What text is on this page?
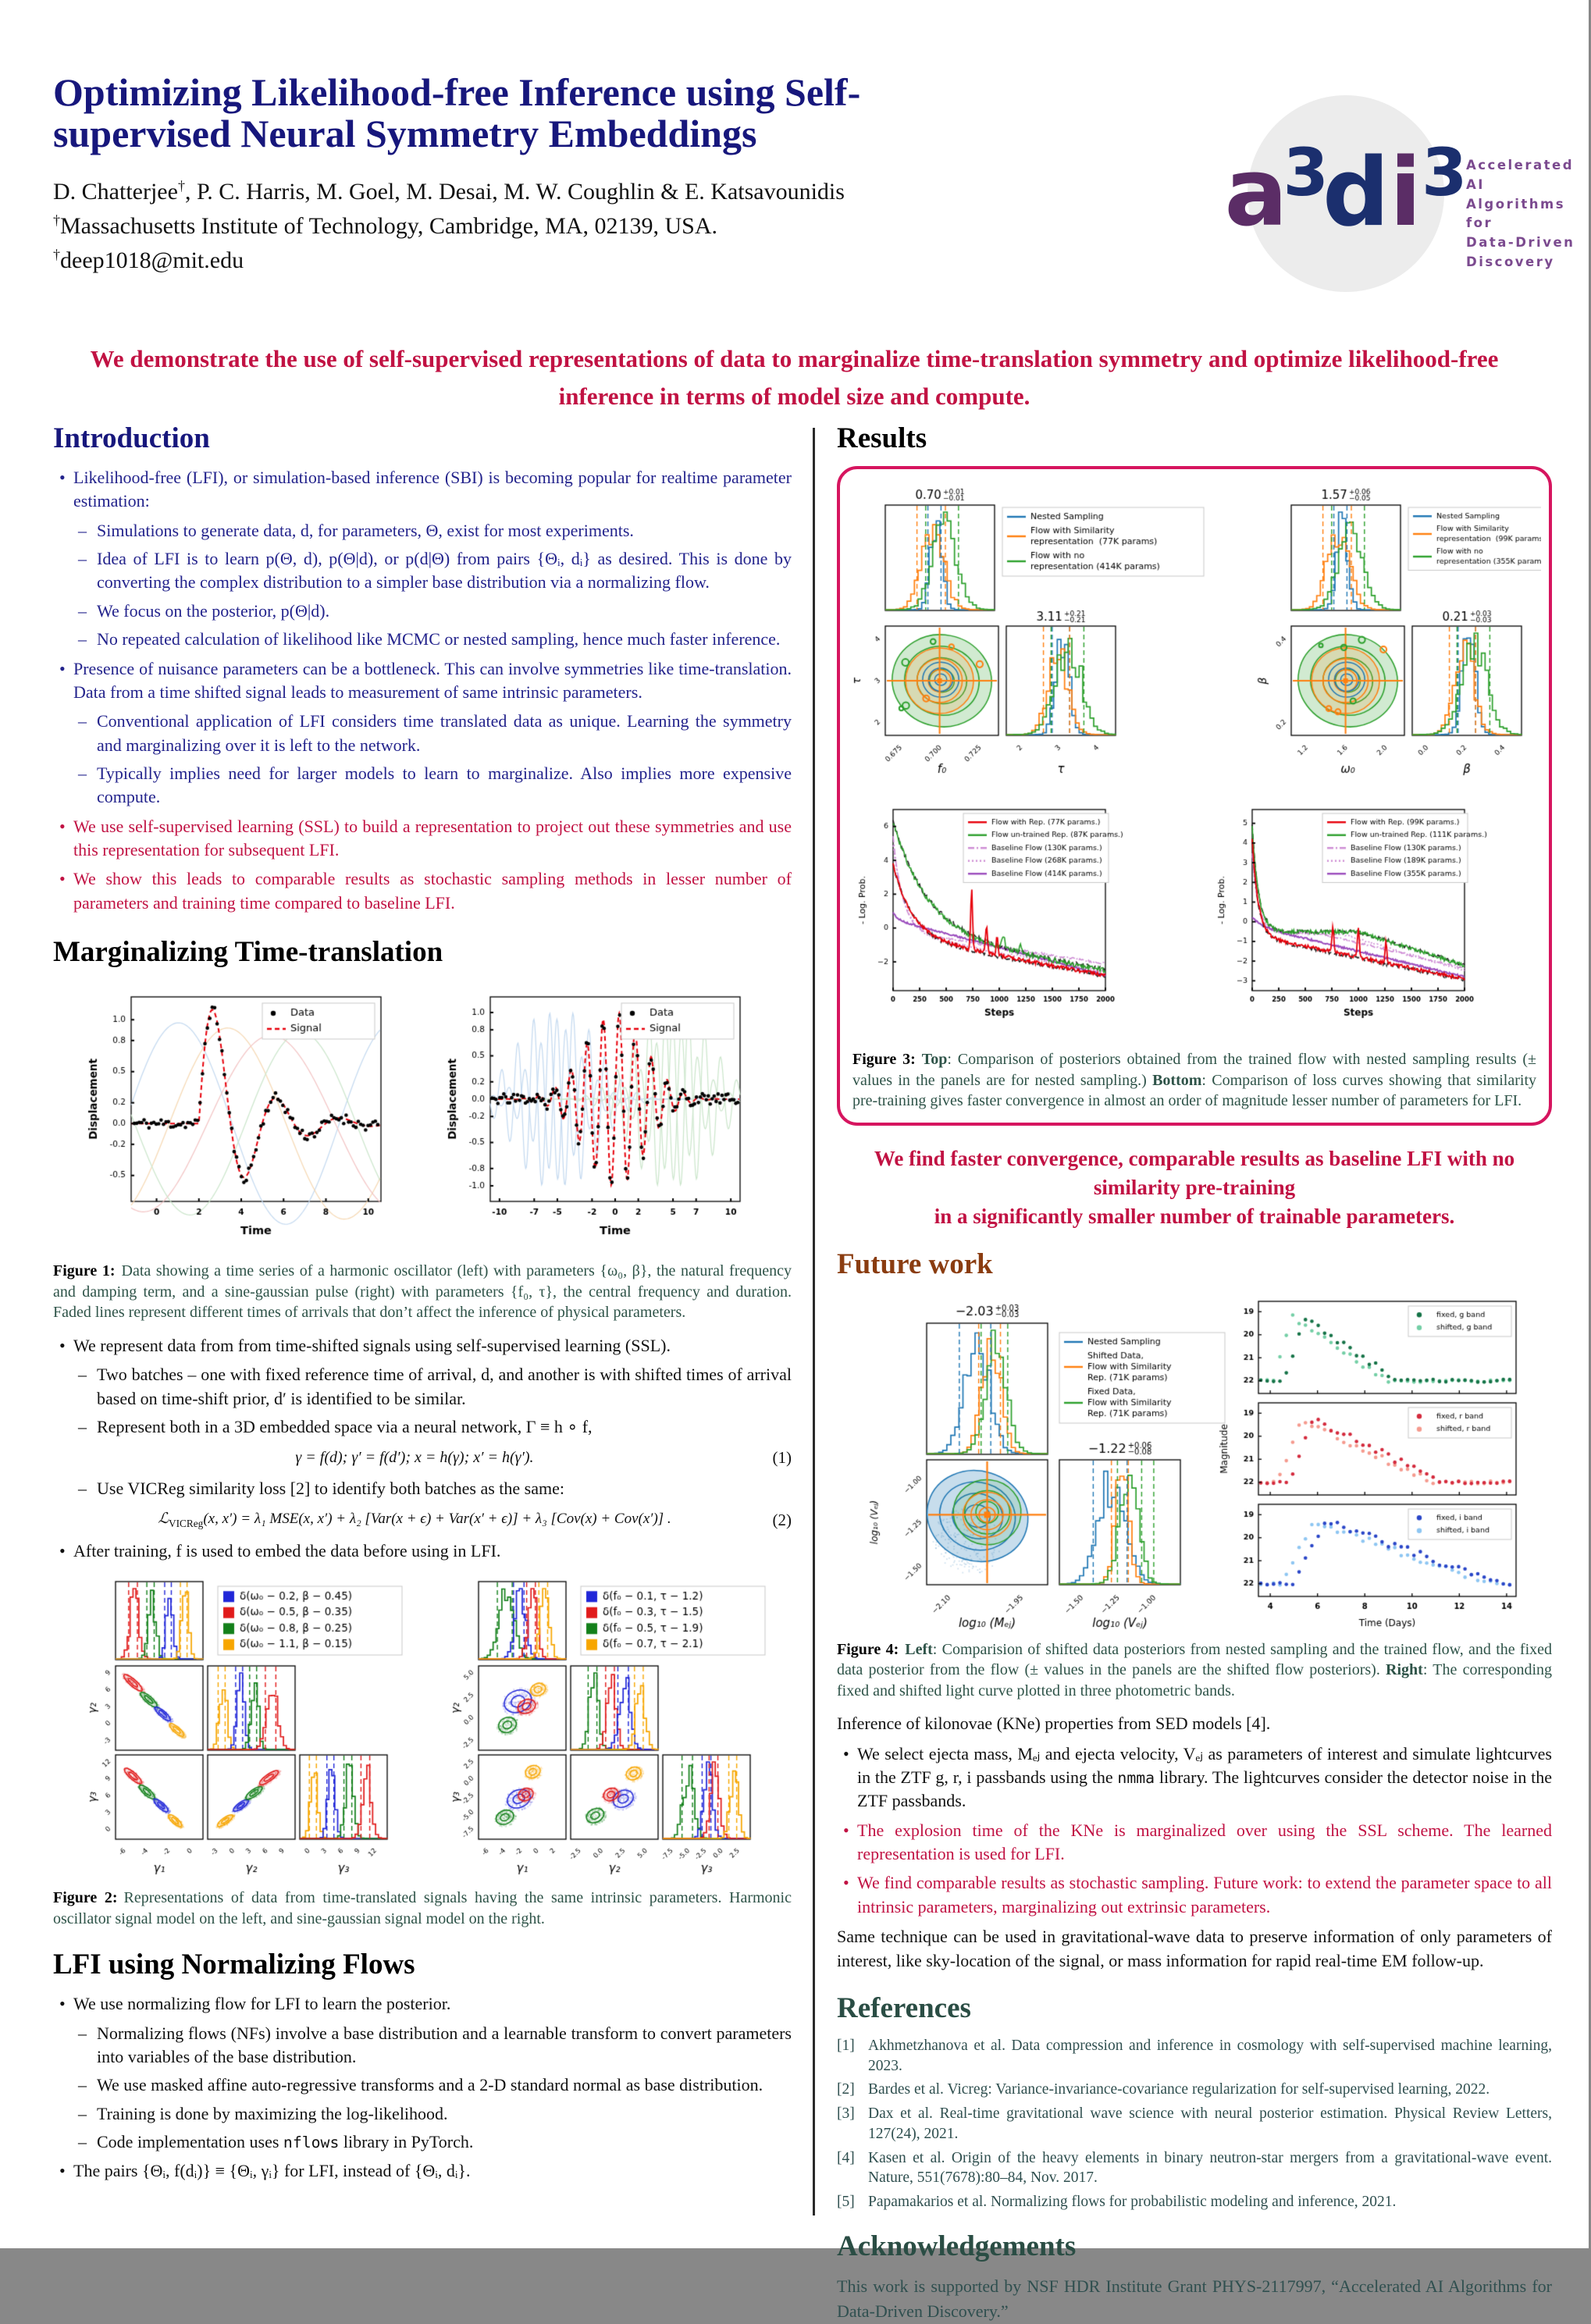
Optimizing Likelihood-free Inference using Self-
supervised Neural Symmetry Embeddings
D. Chatterjee†, P. C. Harris, M. Goel, M. Desai, M. W. Coughlin & E. Katsavounidis
†Massachusetts Institute of Technology, Cambridge, MA, 02139, USA.
†deep1018@mit.edu
a3di3
Accelerated AI
Algorithms for
Data-Driven
Discovery
We demonstrate the use of self-supervised representations of data to marginalize time-translation symmetry and optimize likelihood-free
inference in terms of model size and compute.
Introduction
• Likelihood-free (LFI), or simulation-based inference (SBI) is becoming popular for realtime parameter estimation:
– Simulations to generate data, d, for parameters, Θ, exist for most experiments.
– Idea of LFI is to learn p(Θ, d), p(Θ|d), or p(d|Θ) from pairs {Θᵢ, dᵢ} as desired. This is done by converting the complex distribution to a simpler base distribution via a normalizing flow.
– We focus on the posterior, p(Θ|d).
– No repeated calculation of likelihood like MCMC or nested sampling, hence much faster inference.
• Presence of nuisance parameters can be a bottleneck. This can involve symmetries like time-translation. Data from a time shifted signal leads to measurement of same intrinsic parameters.
– Conventional application of LFI considers time translated data as unique. Learning the symmetry and marginalizing over it is left to the network.
– Typically implies need for larger models to learn to marginalize. Also implies more expensive compute.
• We use self-supervised learning (SSL) to build a representation to project out these symmetries and use this representation for subsequent LFI.
• We show this leads to comparable results as stochastic sampling methods in lesser number of parameters and training time compared to baseline LFI.
Marginalizing Time-translation
Figure 1: Data showing a time series of a harmonic oscillator (left) with parameters {ω₀, β}, the natural frequency and damping term, and a sine-gaussian pulse (right) with parameters {f₀, τ}, the central frequency and duration. Faded lines represent different times of arrivals that don’t affect the inference of physical parameters.
• We represent data from from time-shifted signals using self-supervised learning (SSL).
– Two batches – one with fixed reference time of arrival, d, and another is with shifted times of arrival based on time-shift prior, d′ is identified to be similar.
– Represent both in a 3D embedded space via a neural network, Γ ≡ h ∘ f,
γ = f(d); γ′ = f(d′); x = h(γ); x′ = h(γ′).	(1)
– Use VICReg similarity loss [2] to identify both batches as the same:
ℒ$_{VICReg}$(x, x′) = λ₁ MSE(x, x′) + λ₂ [Var(x + ϵ) + Var(x′ + ϵ)] + λ₃ [Cov(x) + Cov(x′)] .	(2)
• After training, f is used to embed the data before using in LFI.
Figure 2: Representations of data from time-translated signals having the same intrinsic parameters. Harmonic oscillator signal model on the left, and sine-gaussian signal model on the right.
LFI using Normalizing Flows
• We use normalizing flow for LFI to learn the posterior.
– Normalizing flows (NFs) involve a base distribution and a learnable transform to convert parameters into variables of the base distribution.
– We use masked affine auto-regressive transforms and a 2-D standard normal as base distribution.
– Training is done by maximizing the log-likelihood.
– Code implementation uses nflows library in PyTorch.
• The pairs {Θᵢ, f(dᵢ)} ≡ {Θᵢ, γᵢ} for LFI, instead of {Θᵢ, dᵢ}.
Results
Figure 3: Top: Comparison of posteriors obtained from the trained flow with nested sampling results (± values in the panels are for nested sampling.) Bottom: Comparison of loss curves showing that similarity pre-training gives faster convergence in almost an order of magnitude lesser number of parameters for LFI.
We find faster convergence, comparable results as baseline LFI with no similarity pre-training
in a significantly smaller number of trainable parameters.
Future work
Figure 4: Left: Comparision of shifted data posteriors from nested sampling and the trained flow, and the fixed data posterior from the flow (± values in the panels are the shifted flow posteriors). Right: The corresponding fixed and shifted light curve plotted in three photometric bands.
Inference of kilonovae (KNe) properties from SED models [4].
• We select ejecta mass, Mₑⱼ and ejecta velocity, Vₑⱼ as parameters of interest and simulate lightcurves in the ZTF g, r, i passbands using the nmma library. The lightcurves consider the detector noise in the ZTF passbands.
• The explosion time of the KNe is marginalized over using the SSL scheme. The learned representation is used for LFI.
• We find comparable results as stochastic sampling. Future work: to extend the parameter space to all intrinsic parameters, marginalizing out extrinsic parameters.
Same technique can be used in gravitational-wave data to preserve information of only parameters of interest, like sky-location of the signal, or mass information for rapid real-time EM follow-up.
References
[1] Akhmetzhanova et al. Data compression and inference in cosmology with self-supervised machine learning, 2023.
[2] Bardes et al. Vicreg: Variance-invariance-covariance regularization for self-supervised learning, 2022.
[3] Dax et al. Real-time gravitational wave science with neural posterior estimation. Physical Review Letters, 127(24), 2021.
[4] Kasen et al. Origin of the heavy elements in binary neutron-star mergers from a gravitational-wave event. Nature, 551(7678):80–84, Nov. 2017.
[5] Papamakarios et al. Normalizing flows for probabilistic modeling and inference, 2021.
Acknowledgements
This work is supported by NSF HDR Institute Grant PHYS-2117997, “Accelerated AI Algorithms for Data-Driven Discovery.”
